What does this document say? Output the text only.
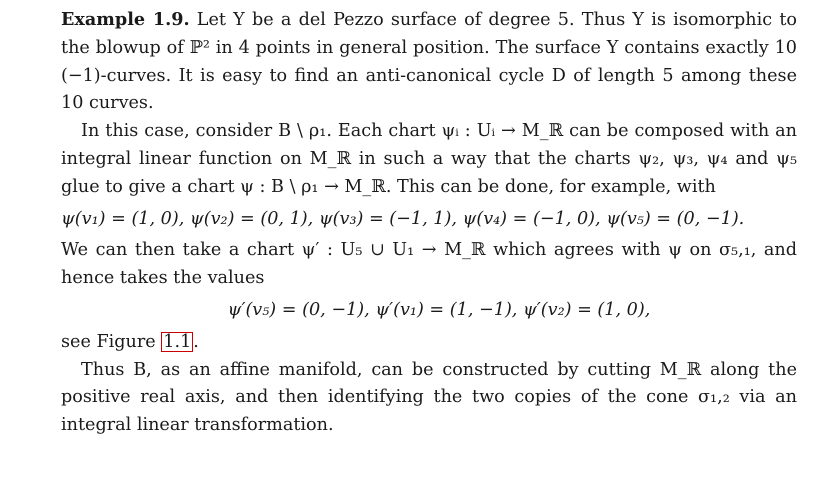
Example 1.9. Let Y be a del Pezzo surface of degree 5. Thus Y is isomorphic to the blowup of ℙ² in 4 points in general position. The surface Y contains exactly 10 (−1)-curves. It is easy to find an anti-canonical cycle D of length 5 among these 10 curves.

In this case, consider B \ ρ₁. Each chart ψᵢ : Uᵢ → M_ℝ can be composed with an integral linear function on M_ℝ in such a way that the charts ψ₂, ψ₃, ψ₄ and ψ₅ glue to give a chart ψ : B \ ρ₁ → M_ℝ. This can be done, for example, with

ψ(v₁) = (1, 0), ψ(v₂) = (0, 1), ψ(v₃) = (−1, 1), ψ(v₄) = (−1, 0), ψ(v₅) = (0, −1).

We can then take a chart ψ′ : U₅ ∪ U₁ → M_ℝ which agrees with ψ on σ₅,₁, and hence takes the values

ψ′(v₅) = (0, −1), ψ′(v₁) = (1, −1), ψ′(v₂) = (1, 0),

see Figure 1.1 .

Thus B, as an affine manifold, can be constructed by cutting M_ℝ along the positive real axis, and then identifying the two copies of the cone σ₁,₂ via an integral linear transformation.
